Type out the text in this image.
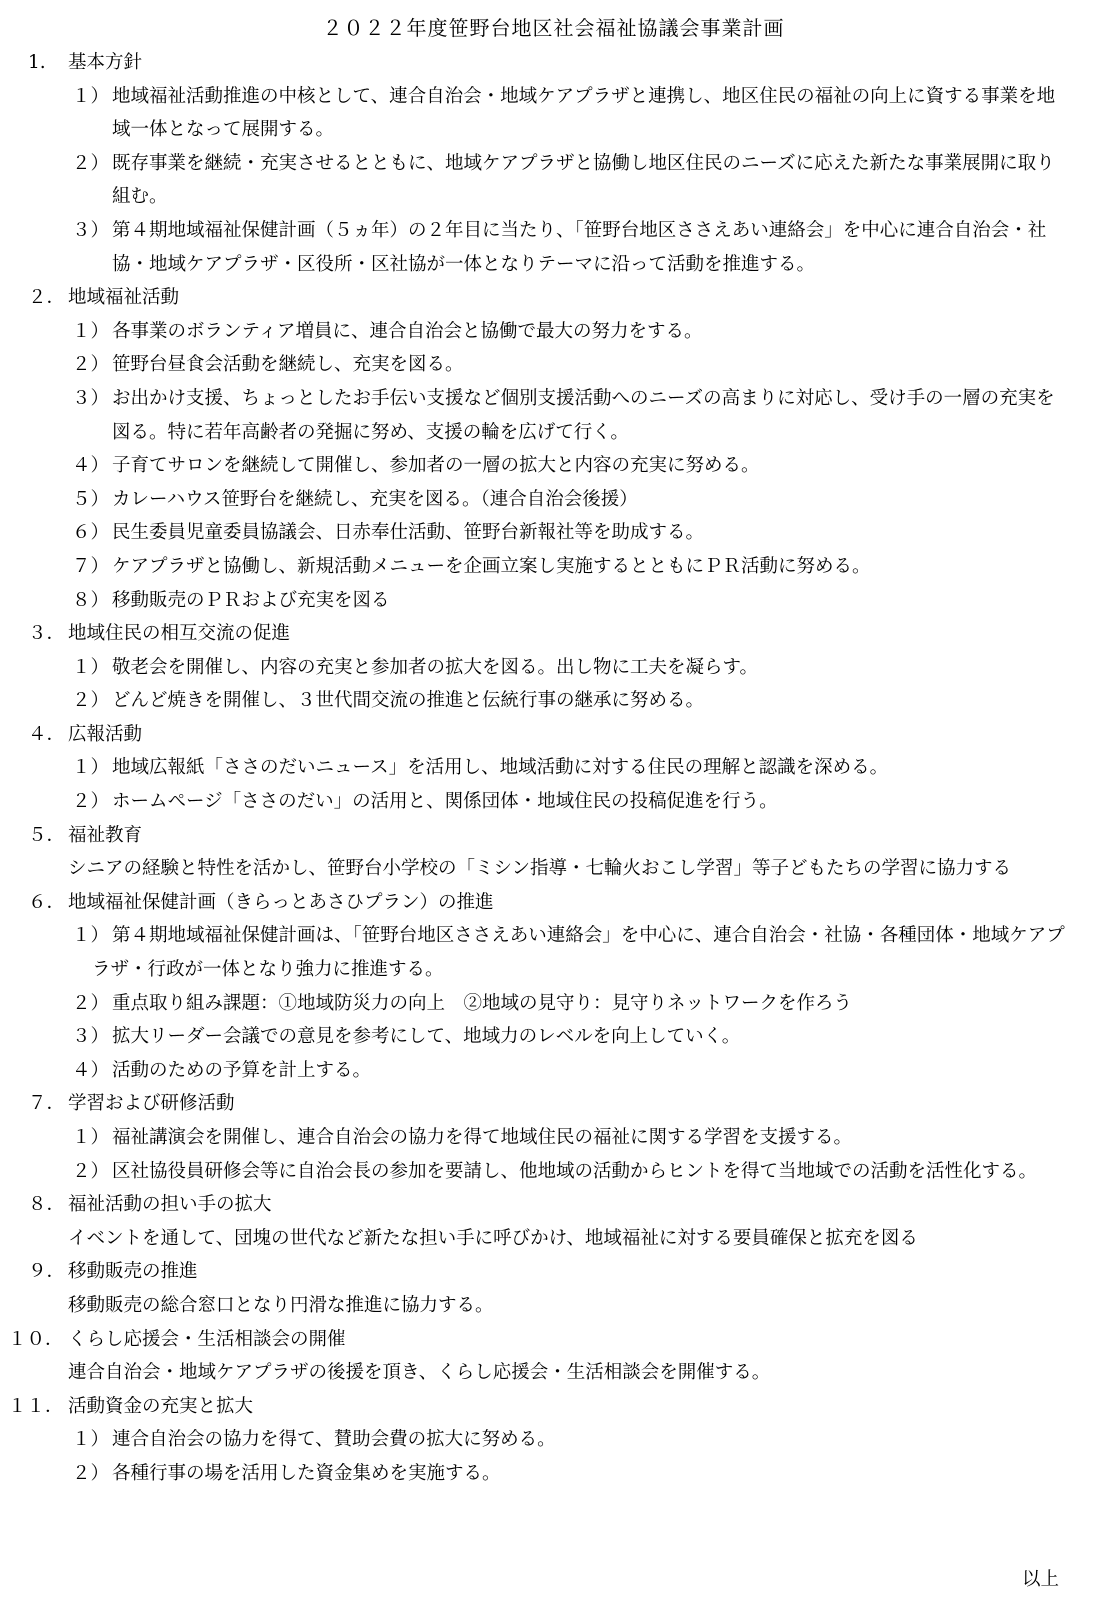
２０２２年度笹野台地区社会福祉協議会事業計画
1. 基本方針
１） 地域福祉活動推進の中核として、連合自治会・地域ケアプラザと連携し、地区住民の福祉の向上に資する事業を地域一体となって展開する。
２） 既存事業を継続・充実させるとともに、地域ケアプラザと協働し地区住民のニーズに応えた新たな事業展開に取り組む。
３） 第４期地域福祉保健計画（５ヵ年）の２年目に当たり、「笹野台地区ささえあい連絡会」を中心に連合自治会・社協・地域ケアプラザ・区役所・区社協が一体となりテーマに沿って活動を推進する。
２． 地域福祉活動
１） 各事業のボランティア増員に、連合自治会と協働で最大の努力をする。
２） 笹野台昼食会活動を継続し、充実を図る。
３） お出かけ支援、ちょっとしたお手伝い支援など個別支援活動へのニーズの高まりに対応し、受け手の一層の充実を図る。特に若年高齢者の発掘に努め、支援の輪を広げて行く。
４） 子育てサロンを継続して開催し、参加者の一層の拡大と内容の充実に努める。
５） カレーハウス笹野台を継続し、充実を図る。（連合自治会後援）
６） 民生委員児童委員協議会、日赤奉仕活動、笹野台新報社等を助成する。
７） ケアプラザと協働し、新規活動メニューを企画立案し実施するとともにＰＲ活動に努める。
８） 移動販売のＰＲおよび充実を図る
３． 地域住民の相互交流の促進
１） 敬老会を開催し、内容の充実と参加者の拡大を図る。出し物に工夫を凝らす。
２） どんど焼きを開催し、３世代間交流の推進と伝統行事の継承に努める。
４． 広報活動
１） 地域広報紙「ささのだいニュース」を活用し、地域活動に対する住民の理解と認識を深める。
２） ホームページ「ささのだい」の活用と、関係団体・地域住民の投稿促進を行う。
５． 福祉教育
シニアの経験と特性を活かし、笹野台小学校の「ミシン指導・七輪火おこし学習」等子どもたちの学習に協力する
６． 地域福祉保健計画（きらっとあさひプラン）の推進
１） 第４期地域福祉保健計画は、「笹野台地区ささえあい連絡会」を中心に、連合自治会・社協・各種団体・地域ケアプラザ・行政が一体となり強力に推進する。
２） 重点取り組み課題：①地域防災力の向上　②地域の見守り：見守りネットワークを作ろう
３） 拡大リーダー会議での意見を参考にして、地域力のレベルを向上していく。
４） 活動のための予算を計上する。
７． 学習および研修活動
１） 福祉講演会を開催し、連合自治会の協力を得て地域住民の福祉に関する学習を支援する。
２） 区社協役員研修会等に自治会長の参加を要請し、他地域の活動からヒントを得て当地域での活動を活性化する。
８． 福祉活動の担い手の拡大
イベントを通して、団塊の世代など新たな担い手に呼びかけ、地域福祉に対する要員確保と拡充を図る
９． 移動販売の推進
移動販売の総合窓口となり円滑な推進に協力する。
１０． くらし応援会・生活相談会の開催
連合自治会・地域ケアプラザの後援を頂き、くらし応援会・生活相談会を開催する。
１１． 活動資金の充実と拡大
１） 連合自治会の協力を得て、賛助会費の拡大に努める。
２） 各種行事の場を活用した資金集めを実施する。
以上
